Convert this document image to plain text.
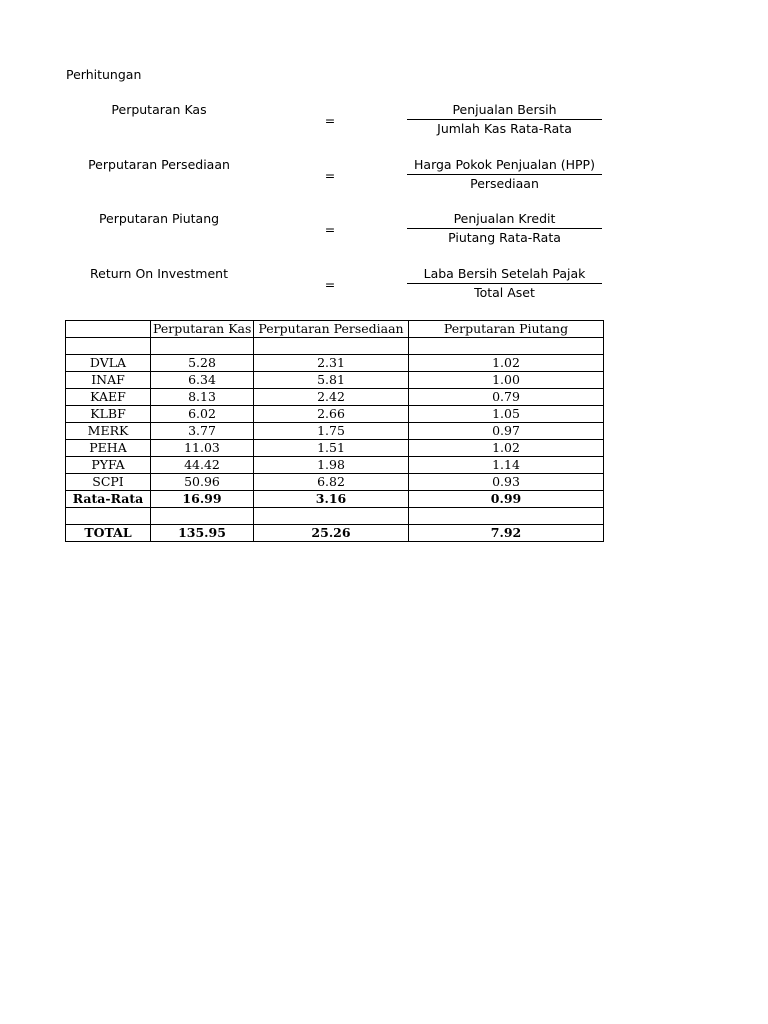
Perhitungan
Perputaran Kas
=
Penjualan Bersih
Jumlah Kas Rata-Rata
Perputaran Persediaan
=
Harga Pokok Penjualan (HPP)
Persediaan
Perputaran Piutang
=
Penjualan Kredit
Piutang Rata-Rata
Return On Investment
=
Laba Bersih Setelah Pajak
Total Aset
	Perputaran Kas	Perputaran Persediaan	Perputaran Piutang

DVLA	5.28	2.31	1.02
INAF	6.34	5.81	1.00
KAEF	8.13	2.42	0.79
KLBF	6.02	2.66	1.05
MERK	3.77	1.75	0.97
PEHA	11.03	1.51	1.02
PYFA	44.42	1.98	1.14
SCPI	50.96	6.82	0.93
Rata-Rata	16.99	3.16	0.99

TOTAL	135.95	25.26	7.92
